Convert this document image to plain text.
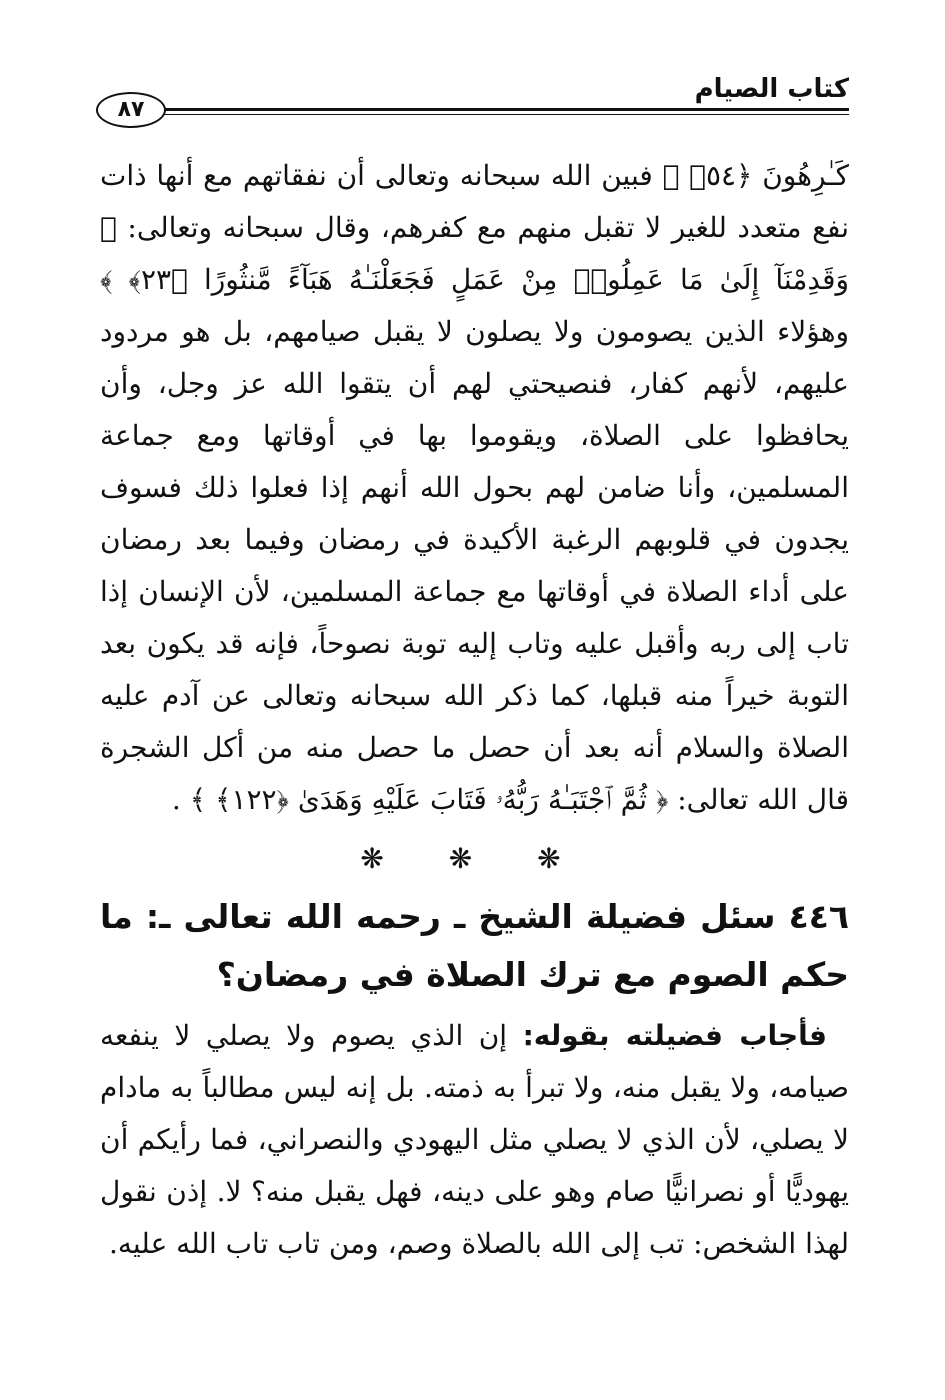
كتاب الصيام
٨٧

كَـٰرِهُونَ ﴿٥٤﴾ ﴾ فبين الله سبحانه وتعالى أن نفقاتهم مع أنها ذات نفع متعدد للغير لا تقبل منهم مع كفرهم، وقال سبحانه وتعالى: ﴿ وَقَدِمْنَآ إِلَىٰ مَا عَمِلُوا۟ مِنْ عَمَلٍ فَجَعَلْنَـٰهُ هَبَآءً مَّنثُورًا ﴿٢٣﴾ ﴾ وهؤلاء الذين يصومون ولا يصلون لا يقبل صيامهم، بل هو مردود عليهم، لأنهم كفار، فنصيحتي لهم أن يتقوا الله عز وجل، وأن يحافظوا على الصلاة، ويقوموا بها في أوقاتها ومع جماعة المسلمين، وأنا ضامن لهم بحول الله أنهم إذا فعلوا ذلك فسوف يجدون في قلوبهم الرغبة الأكيدة في رمضان وفيما بعد رمضان على أداء الصلاة في أوقاتها مع جماعة المسلمين، لأن الإنسان إذا تاب إلى ربه وأقبل عليه وتاب إليه توبة نصوحاً، فإنه قد يكون بعد التوبة خيراً منه قبلها، كما ذكر الله سبحانه وتعالى عن آدم عليه الصلاة والسلام أنه بعد أن حصل ما حصل منه من أكل الشجرة قال الله تعالى: ﴿ ثُمَّ ٱجْتَبَـٰهُ رَبُّهُۥ فَتَابَ عَلَيْهِ وَهَدَىٰ ﴿١٢٢﴾ ﴾ .

❋ ❋ ❋

٤٤٦ سئل فضيلة الشيخ ـ رحمه الله تعالى ـ: ما حكم الصوم مع ترك الصلاة في رمضان؟

فأجاب فضيلته بقوله: إن الذي يصوم ولا يصلي لا ينفعه صيامه، ولا يقبل منه، ولا تبرأ به ذمته. بل إنه ليس مطالباً به مادام لا يصلي، لأن الذي لا يصلي مثل اليهودي والنصراني، فما رأيكم أن يهوديًّا أو نصرانيًّا صام وهو على دينه، فهل يقبل منه؟ لا. إذن نقول لهذا الشخص: تب إلى الله بالصلاة وصم، ومن تاب تاب الله عليه.
